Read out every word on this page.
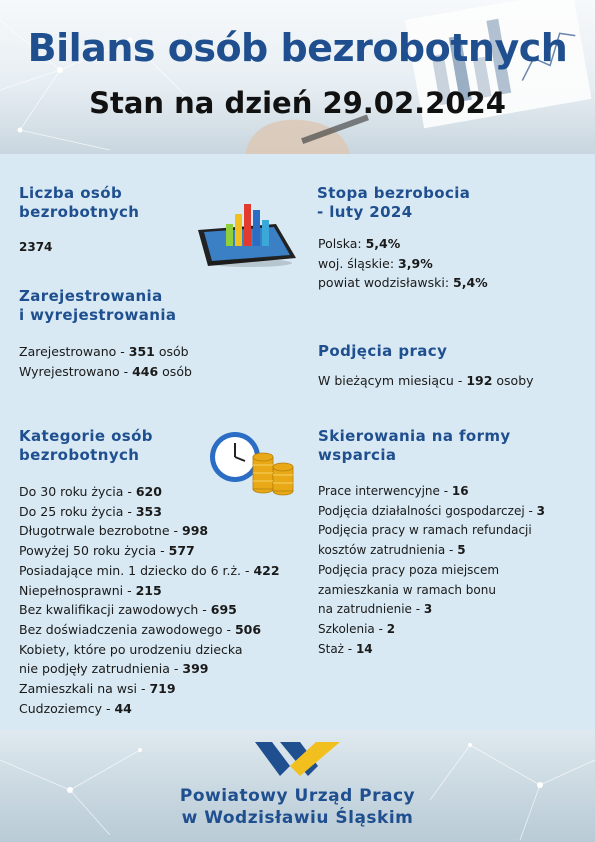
Bilans osób bezrobotnych
Stan na dzień 29.02.2024
Liczba osób
bezrobotnych
2374
Stopa bezrobocia
- luty 2024
Polska: 5,4%
woj. śląskie: 3,9%
powiat wodzisławski: 5,4%
Zarejestrowania
i wyrejestrowania
Zarejestrowano - 351 osób
Wyrejestrowano - 446 osób
Podjęcia pracy
W bieżącym miesiącu - 192 osoby
Kategorie osób
bezrobotnych
Do 30 roku życia - 620
Do 25 roku życia - 353
Długotrwale bezrobotne - 998
Powyżej 50 roku życia - 577
Posiadające min. 1 dziecko do 6 r.ż. - 422
Niepełnosprawni - 215
Bez kwalifikacji zawodowych - 695
Bez doświadczenia zawodowego - 506
Kobiety, które po urodzeniu dziecka
nie podjęły zatrudnienia - 399
Zamieszkali na wsi - 719
Cudzoziemcy - 44
Skierowania na formy
wsparcia
Prace interwencyjne - 16
Podjęcia działalności gospodarczej - 3
Podjęcia pracy w ramach refundacji
kosztów zatrudnienia - 5
Podjęcia pracy poza miejscem
zamieszkania w ramach bonu
na zatrudnienie - 3
Szkolenia - 2
Staż - 14
Powiatowy Urząd Pracy
w Wodzisławiu Śląskim
